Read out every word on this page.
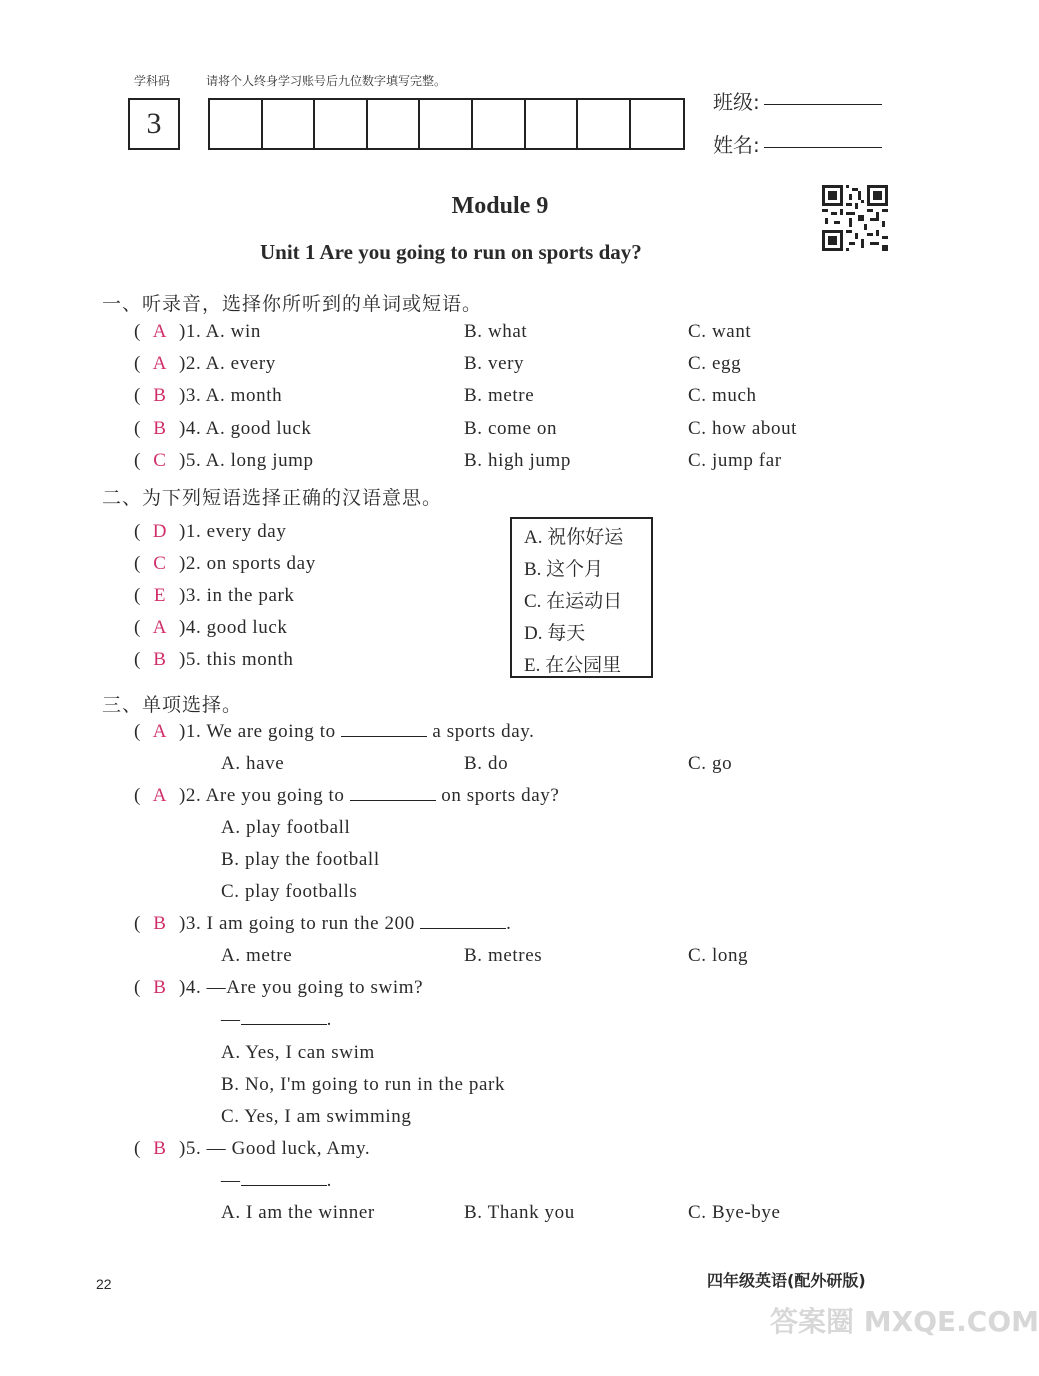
学科码	请将个人终身学习账号后九位数字填写完整。
3
班级:
姓名:
Module 9
Unit 1 Are you going to run on sports day?
一、听录音，选择你所听到的单词或短语。
( A )1. A. win	B. what	C. want
( A )2. A. every	B. very	C. egg
( B )3. A. month	B. metre	C. much
( B )4. A. good luck	B. come on	C. how about
( C )5. A. long jump	B. high jump	C. jump far
二、为下列短语选择正确的汉语意思。
( D )1. every day
( C )2. on sports day
( E )3. in the park
( A )4. good luck
( B )5. this month
A. 祝你好运
B. 这个月
C. 在运动日
D. 每天
E. 在公园里
三、单项选择。
( A )1. We are going to	a sports day.
A. have	B. do	C. go
( A )2. Are you going to	on sports day?
A. play football
B. play the football
C. play footballs
( B )3. I am going to run the 200	.
A. metre	B. metres	C. long
( B )4. —Are you going to swim?
—	.
A. Yes, I can swim
B. No, I'm going to run in the park
C. Yes, I am swimming
( B )5. — Good luck, Amy.
—	.
A. I am the winner	B. Thank you	C. Bye-bye
22	四年级英语(配外研版)
答案圈 MXQE.COM
